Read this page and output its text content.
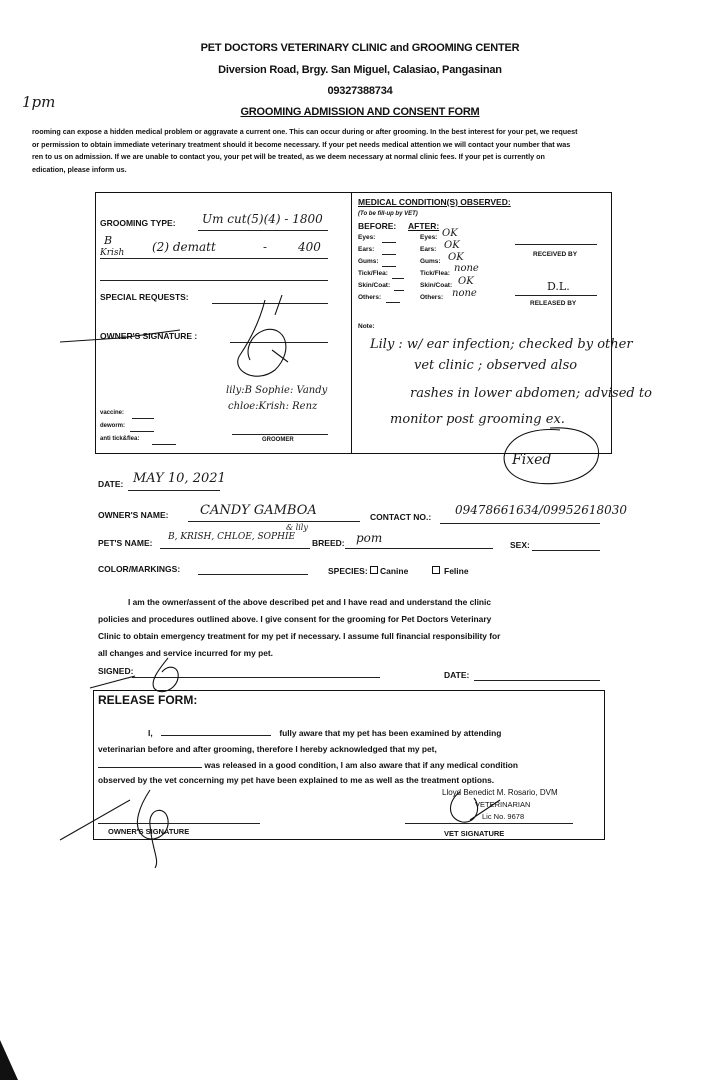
PET DOCTORS VETERINARY CLINIC and GROOMING CENTER
Diversion Road, Brgy. San Miguel, Calasiao, Pangasinan
09327388734
GROOMING ADMISSION AND CONSENT FORM
1pm
rooming can expose a hidden medical problem or aggravate a current one. This can occur during or after grooming. In the best interest for your pet, we request
or permission to obtain immediate veterinary treatment should it become necessary. If your pet needs medical attention we will contact your number that was
ren to us on admission. If we are unable to contact you, your pet will be treated, as we deem necessary at normal clinic fees. If your pet is currently on
edication, please inform us.
GROOMING TYPE: Um cut(5)(4) - 1800
B
Krish (2) dematt	-	400
SPECIAL REQUESTS:
OWNER'S SIGNATURE :
lily:B Sophie: Vandy
chloe:Krish: Renz
vaccine:
deworm:
anti tick&flea:	GROOMER
MEDICAL CONDITION(S) OBSERVED:
(To be fill-up by VET)
BEFORE: AFTER:
Eyes:	Eyes: OK
Ears:	Ears: OK
Gums:	Gums: OK
Tick/Flea:	Tick/Flea: none
Skin/Coat:	Skin/Coat: OK
Others:	Others: none
RECEIVED BY
D.L.
RELEASED BY
Note:
Lily : w/ ear infection; checked by other
vet clinic ; observed also
rashes in lower abdomen; advised to
monitor post grooming ex.
Fixed
DATE: MAY 10, 2021
OWNER'S NAME: CANDY GAMBOA	CONTACT NO.: 09478661634/09952618030
PET'S NAME:
B, KRISH, CHLOE, SOPHIE
& lily
BREED: pom	SEX:
COLOR/MARKINGS:	SPECIES:	Canine	Feline
I am the owner/assent of the above described pet and I have read and understand the clinic
policies and procedures outlined above. I give consent for the grooming for Pet Doctors Veterinary
Clinic to obtain emergency treatment for my pet if necessary. I assume full financial responsibility for
all changes and service incurred for my pet.
SIGNED:	DATE:
RELEASE FORM:
I,	fully aware that my pet has been examined by attending
veterinarian before and after grooming, therefore I hereby acknowledged that my pet,
was released in a good condition, I am also aware that if any medical condition
observed by the vet concerning my pet have been explained to me as well as the treatment options.
Lloyd Benedict M. Rosario, DVM
VETERINARIAN
Lic No. 9678
OWNER'S SIGNATURE	VET SIGNATURE
